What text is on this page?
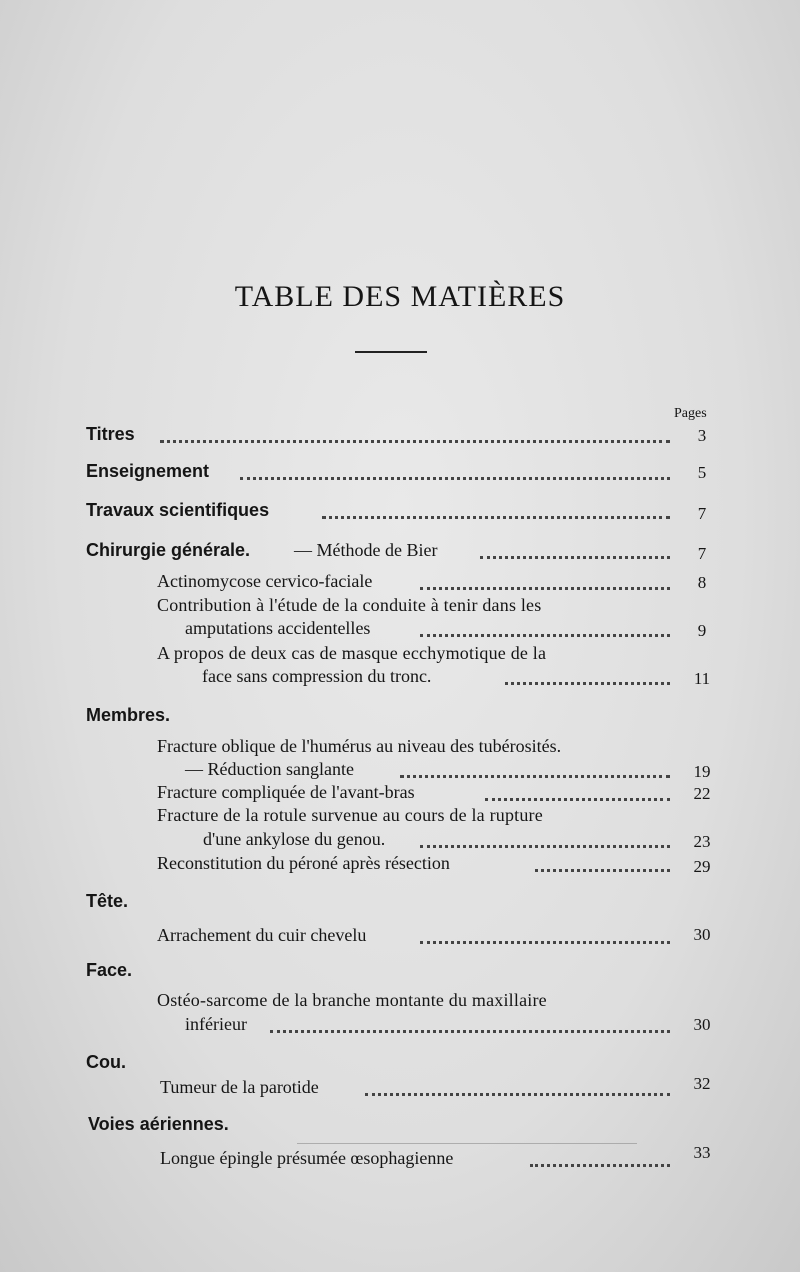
TABLE DES MATIÈRES
Pages
Titres	3
Enseignement	5
Travaux scientifiques	7
Chirurgie générale. — Méthode de Bier	7
Actinomycose cervico-faciale	8
Contribution à l'étude de la conduite à tenir dans les
amputations accidentelles	9
A propos de deux cas de masque ecchymotique de la
face sans compression du tronc.	11
Membres.
Fracture oblique de l'humérus au niveau des tubérosités.
— Réduction sanglante	19
Fracture compliquée de l'avant-bras	22
Fracture de la rotule survenue au cours de la rupture
d'une ankylose du genou.	23
Reconstitution du péroné après résection	29
Tête.
Arrachement du cuir chevelu	30
Face.
Ostéo-sarcome de la branche montante du maxillaire
inférieur	30
Cou.
Tumeur de la parotide	32
Voies aériennes.
Longue épingle présumée œsophagienne	33
